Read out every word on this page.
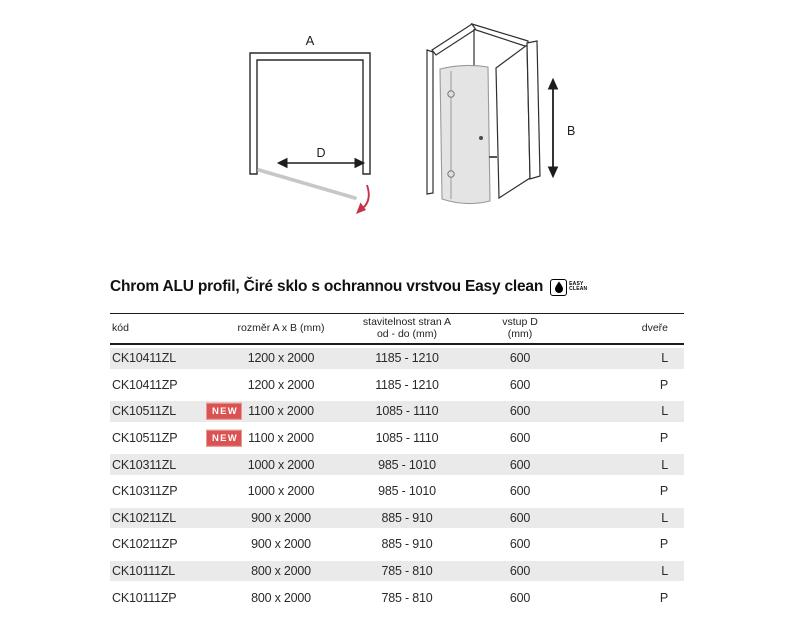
A
D
B
Chrom ALU profil, Čiré sklo s ochrannou vrstvou Easy clean	EASY
CLEAN
kód	rozměr A x B (mm)	stavitelnost stran A
od - do (mm)
vstup D
(mm)	dveře
CK10411ZL	1200 x 2000	1185 - 1210	600	L
CK10411ZP	1200 x 2000	1185 - 1210	600	P
CK10511ZL	NEW 1100 x 2000	1085 - 1110	600	L
CK10511ZP	NEW 1100 x 2000	1085 - 1110	600	P
CK10311ZL	1000 x 2000	985 - 1010	600	L
CK10311ZP	1000 x 2000	985 - 1010	600	P
CK10211ZL	900 x 2000	885 - 910	600	L
CK10211ZP	900 x 2000	885 - 910	600	P
CK10111ZL	800 x 2000	785 - 810	600	L
CK10111ZP	800 x 2000	785 - 810	600	P
